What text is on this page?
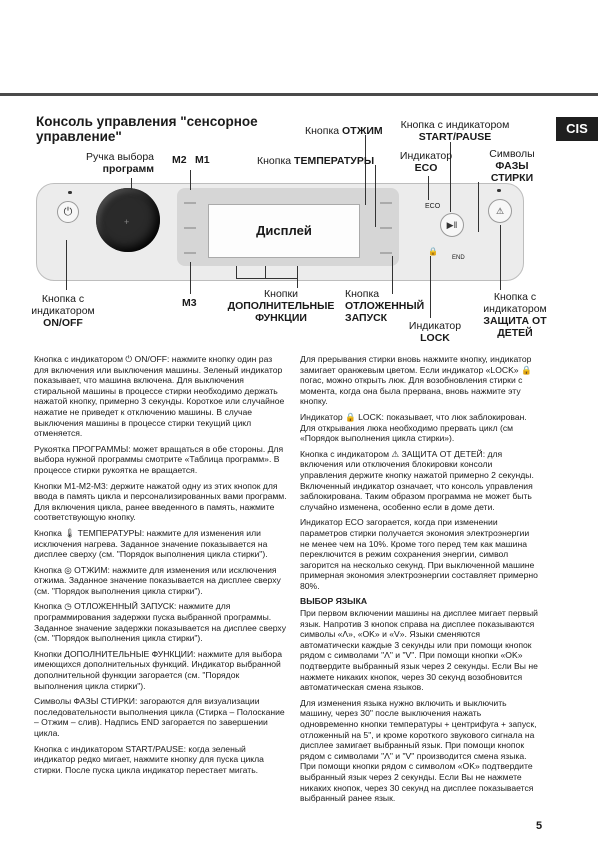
CIS
Консоль управления "сенсорное управление"
⏻
+
Дисплей	▶‖
ECO
🔒
END
⚠
Ручка выбора
программ
M2 M1
M3
Кнопка с
индикатором
ON/OFF
Кнопки
ДОПОЛНИТЕЛЬНЫЕ
ФУНКЦИИ
Кнопка
ОТЛОЖЕННЫЙ
ЗАПУСК
Кнопка ОТЖИМ
Кнопка ТЕМПЕРАТУРЫ	Индикатор
ECO
Кнопка с индикатором
START/PAUSE
Символы
ФАЗЫ
СТИРКИ
Индикатор
LOCK
Кнопка с
индикатором
ЗАЩИТА ОТ
ДЕТЕЙ

Кнопка с индикатором ⏻ ON/OFF: нажмите кнопку один раз для включения или выключения машины. Зеленый индикатор показывает, что машина включена. Для выключения стиральной машины в процессе стирки необходимо держать нажатой кнопку, примерно 3 секунды. Короткое или случайное нажатие не приведет к отключению машины. В случае выключения машины в процессе стирки текущий цикл отменяется.

Рукоятка ПРОГРАММЫ: может вращаться в обе стороны. Для выбора нужной программы смотрите «Таблица программ». В процессе стирки рукоятка не вращается.

Кнопки M1-M2-M3: держите нажатой одну из этих кнопок для ввода в память цикла и персонализированных вами программ. Для включения цикла, ранее введенного в память, нажмите соответствующую кнопку.

Кнопка 🌡 ТЕМПЕРАТУРЫ: нажмите для изменения или исключения нагрева. Заданное значение показывается на дисплее сверху (см. "Порядок выполнения цикла стирки").

Кнопка ◎ ОТЖИМ: нажмите для изменения или исключения отжима. Заданное значение показывается на дисплее сверху (см. "Порядок выполнения цикла стирки").

Кнопка ◷ ОТЛОЖЕННЫЙ ЗАПУСК: нажмите для программирования задержки пуска выбранной программы. Заданное значение задержки показывается на дисплее сверху (см. "Порядок выполнения цикла стирки").

Кнопки ДОПОЛНИТЕЛЬНЫЕ ФУНКЦИИ: нажмите для выбора имеющихся дополнительных функций. Индикатор выбранной дополнительной функции загорается (см. "Порядок выполнения цикла стирки").

Символы ФАЗЫ СТИРКИ: загораются для визуализации последовательности выполнения цикла (Стирка – Полоскание – Отжим – слив). Надпись END загорается по завершении цикла.

Кнопка с индикатором START/PAUSE: когда зеленый индикатор редко мигает, нажмите кнопку для пуска цикла стирки. После пуска цикла индикатор перестает мигать.

Для прерывания стирки вновь нажмите кнопку, индикатор замигает оранжевым цветом. Если индикатор «LOCK» 🔒 погас, можно открыть люк. Для возобновления стирки с момента, когда она была прервана, вновь нажмите эту кнопку.

Индикатор 🔒 LOCK: показывает, что люк заблокирован. Для открывания люка необходимо прервать цикл (см «Порядок выполнения цикла стирки»).

Кнопка с индикатором ⚠ ЗАЩИТА ОТ ДЕТЕЙ: для включения или отключения блокировки консоли управления держите кнопку нажатой примерно 2 секунды. Включенный индикатор означает, что консоль управления заблокирована. Таким образом программа не может быть случайно изменена, особенно если в доме дети.

Индикатор ECO загорается, когда при изменении параметров стирки получается экономия электроэнергии не менее чем на 10%. Кроме того перед тем как машина переключится в режим сохранения энергии, символ загорится на несколько секунд. При выключенной машине примерная экономия электроэнергии составляет примерно 80%.

ВЫБОР ЯЗЫКА

При первом включении машины на дисплее мигает первый язык. Напротив 3 кнопок справа на дисплее показываются символы «Λ», «OK» и «V». Языки сменяются автоматически каждые 3 секунды или при помощи кнопок рядом с символами "Λ" и "V". При помощи кнопки «OK» подтвердите выбранный язык через 2 секунды. Если Вы не нажмете никаких кнопок, через 30 секунд возобновится автоматическая смена языков.

Для изменения языка нужно включить и выключить машину, через 30" после выключения нажать одновременно кнопки температуры + центрифуга + запуск, отложенный на 5", и кроме короткого звукового сигнала на дисплее замигает выбранный язык. При помощи кнопок рядом с символами "Λ" и "V" производится смена языка. При помощи кнопки рядом с символом «OK» подтвердите выбранный язык через 2 секунды. Если Вы не нажмете никаких кнопок, через 30 секунд на дисплее показывается выбранный ранее язык.

5
